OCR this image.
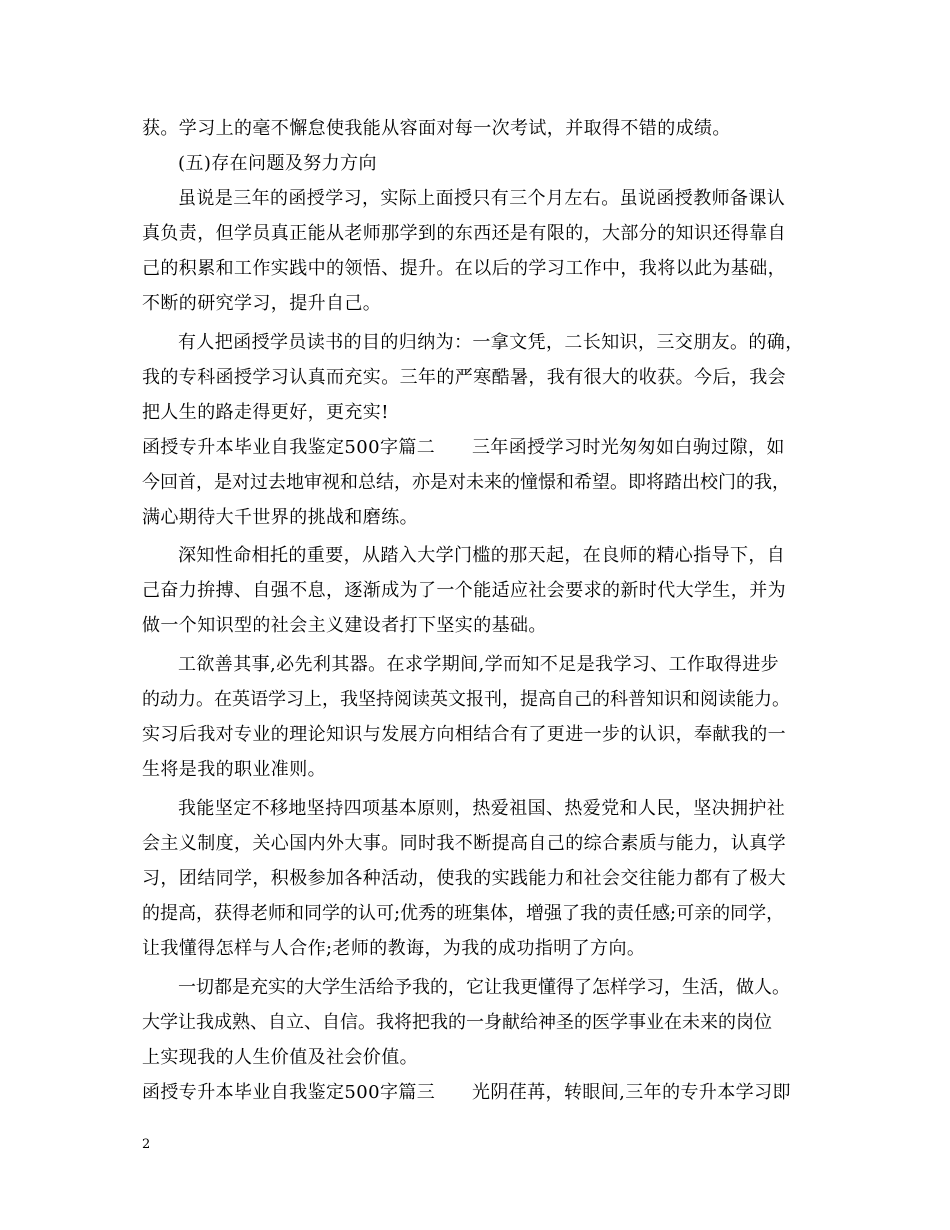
获。学习上的毫不懈怠使我能从容面对每一次考试，并取得不错的成绩。
(五)存在问题及努力方向
虽说是三年的函授学习，实际上面授只有三个月左右。虽说函授教师备课认
真负责，但学员真正能从老师那学到的东西还是有限的，大部分的知识还得靠自
己的积累和工作实践中的领悟、提升。在以后的学习工作中，我将以此为基础，
不断的研究学习，提升自己。
有人把函授学员读书的目的归纳为：一拿文凭，二长知识，三交朋友。的确，
我的专科函授学习认真而充实。三年的严寒酷暑，我有很大的收获。今后，我会
把人生的路走得更好，更充实!
函授专升本毕业自我鉴定500字篇二　　三年函授学习时光匆匆如白驹过隙，如
今回首，是对过去地审视和总结，亦是对未来的憧憬和希望。即将踏出校门的我，
满心期待大千世界的挑战和磨练。
深知性命相托的重要，从踏入大学门槛的那天起，在良师的精心指导下，自
己奋力拚搏、自强不息，逐渐成为了一个能适应社会要求的新时代大学生，并为
做一个知识型的社会主义建设者打下坚实的基础。
工欲善其事,必先利其器。在求学期间,学而知不足是我学习、工作取得进步
的动力。在英语学习上，我坚持阅读英文报刊，提高自己的科普知识和阅读能力。
实习后我对专业的理论知识与发展方向相结合有了更进一步的认识，奉献我的一
生将是我的职业准则。
我能坚定不移地坚持四项基本原则，热爱祖国、热爱党和人民，坚决拥护社
会主义制度，关心国内外大事。同时我不断提高自己的综合素质与能力，认真学
习，团结同学，积极参加各种活动，使我的实践能力和社会交往能力都有了极大
的提高，获得老师和同学的认可;优秀的班集体，增强了我的责任感;可亲的同学，
让我懂得怎样与人合作;老师的教诲，为我的成功指明了方向。
一切都是充实的大学生活给予我的，它让我更懂得了怎样学习，生活，做人。
大学让我成熟、自立、自信。我将把我的一身献给神圣的医学事业在未来的岗位
上实现我的人生价值及社会价值。
函授专升本毕业自我鉴定500字篇三　　光阴荏苒，转眼间,三年的专升本学习即
2
